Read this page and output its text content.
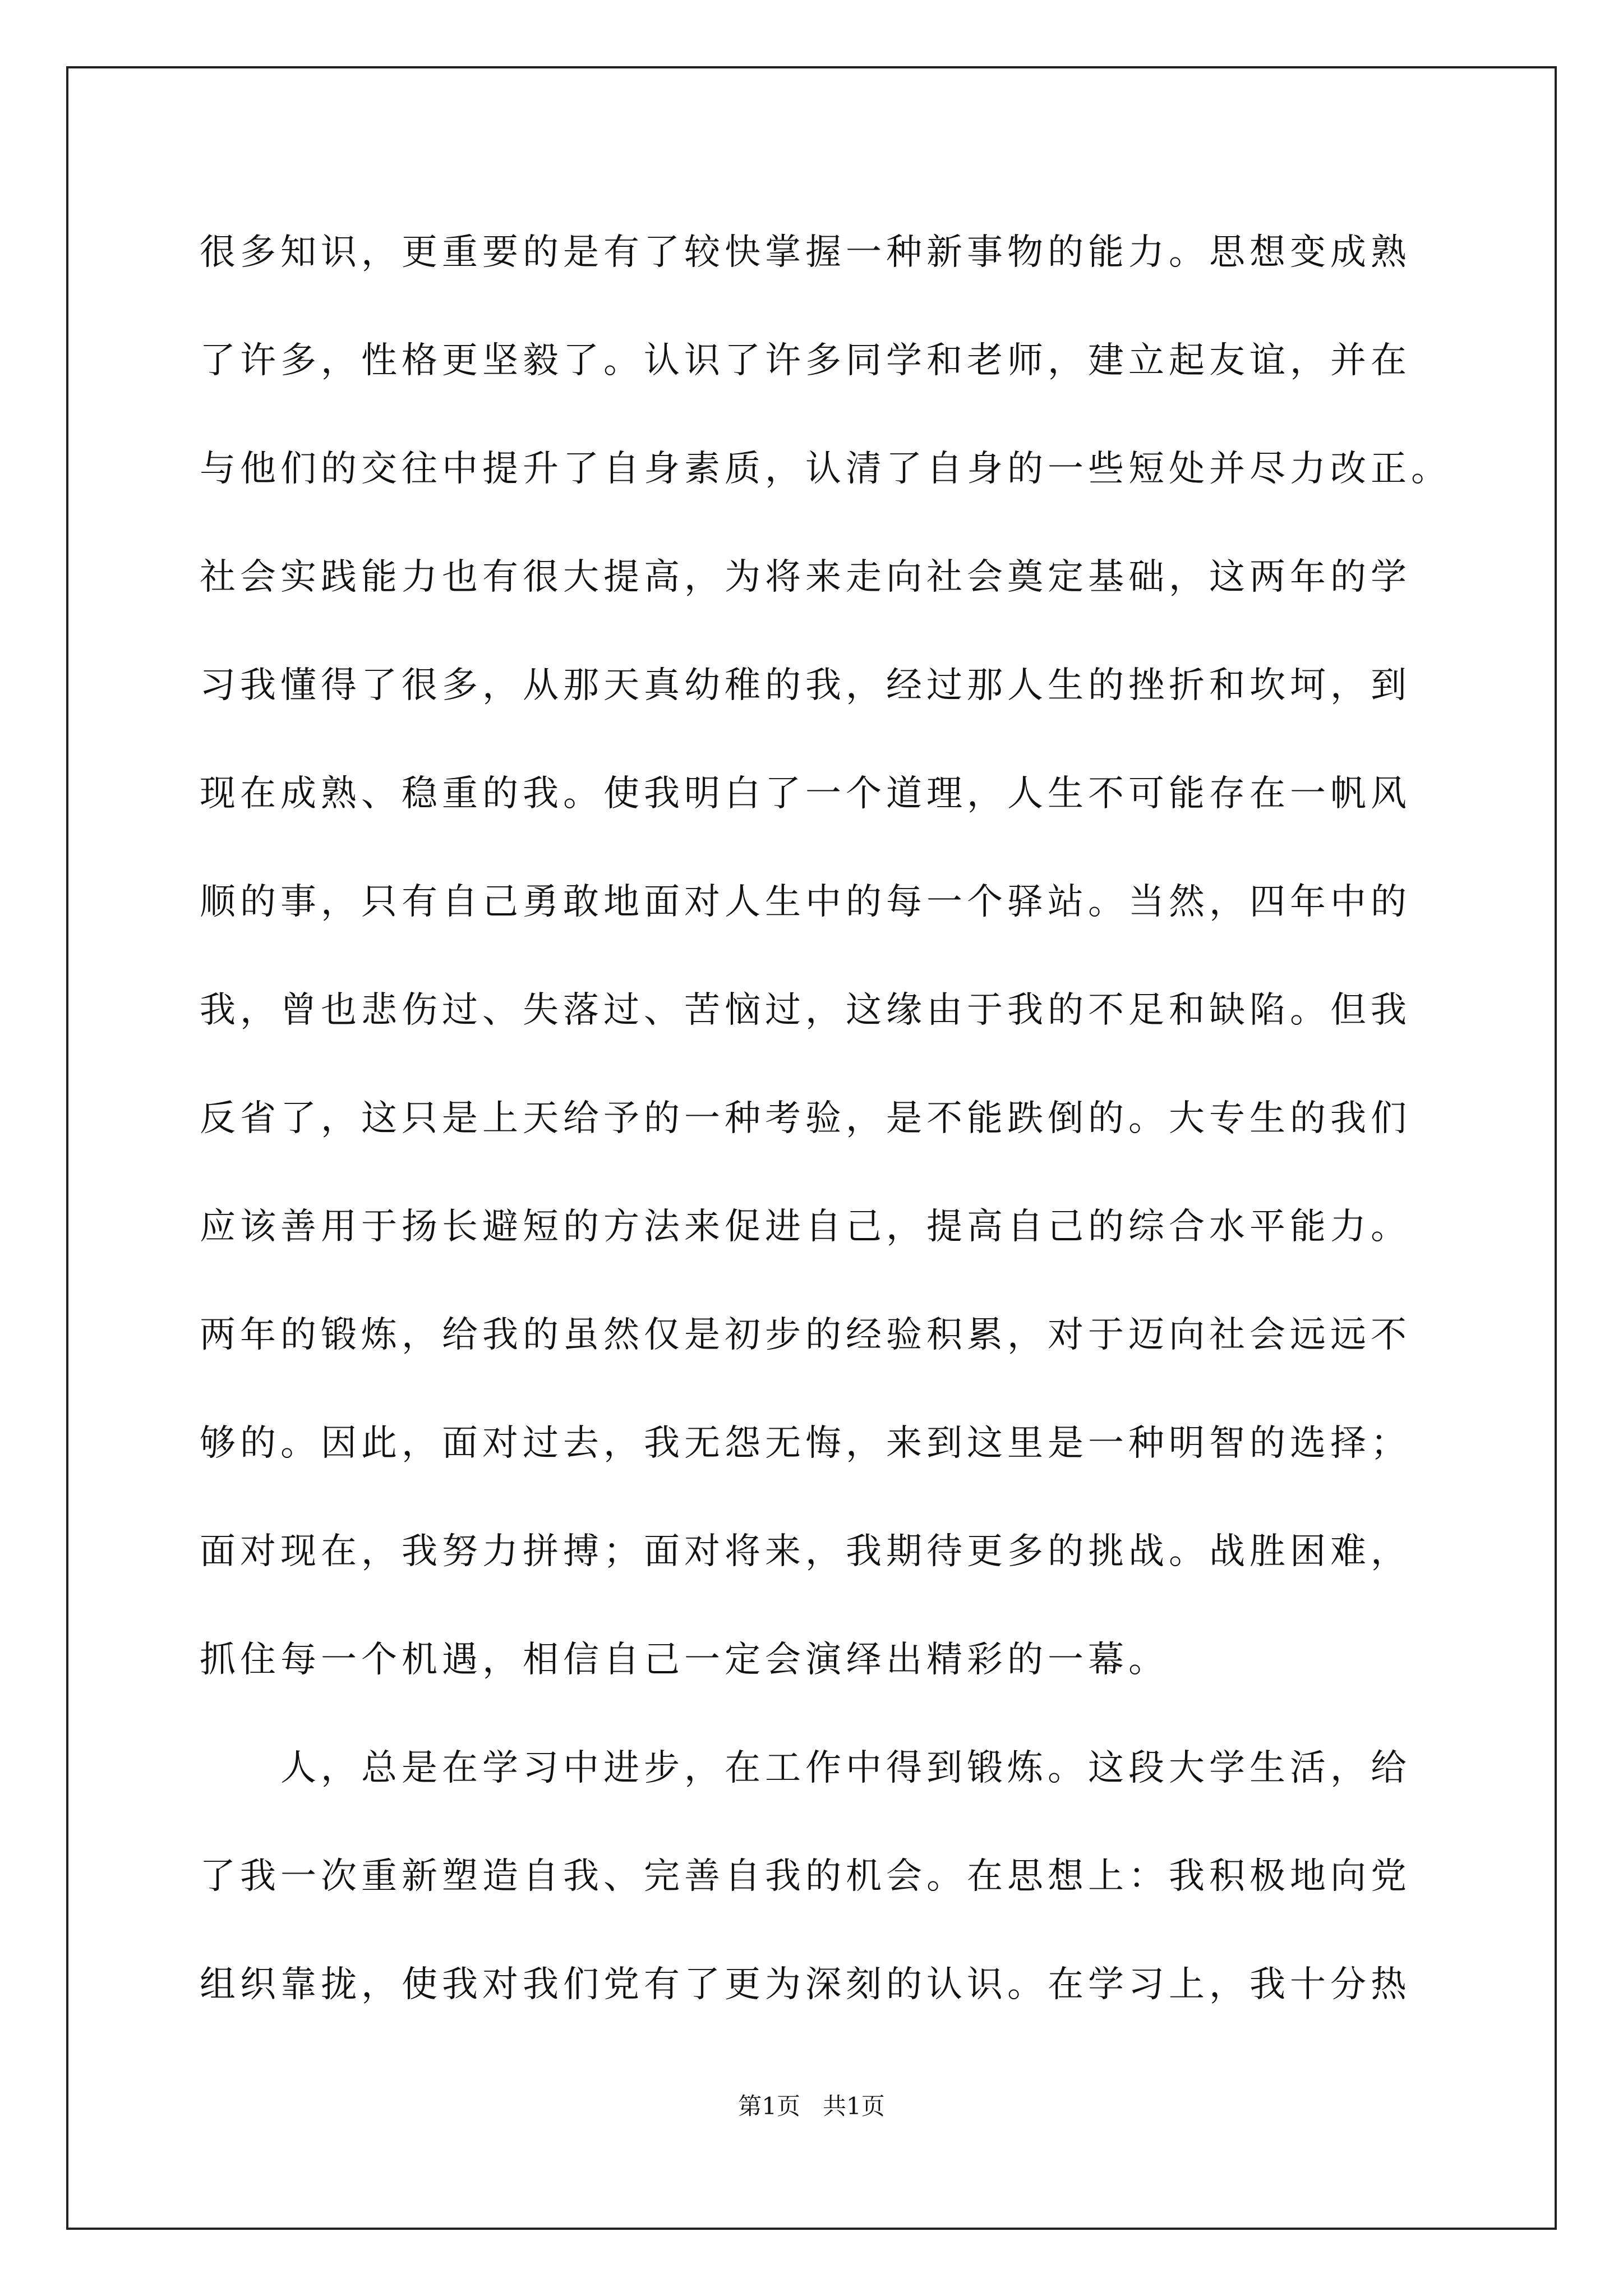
很多知识，更重要的是有了较快掌握一种新事物的能力。思想变成熟

了许多，性格更坚毅了。认识了许多同学和老师，建立起友谊，并在

与他们的交往中提升了自身素质，认清了自身的一些短处并尽力改正。

社会实践能力也有很大提高，为将来走向社会奠定基础，这两年的学

习我懂得了很多，从那天真幼稚的我，经过那人生的挫折和坎坷，到

现在成熟、稳重的我。使我明白了一个道理，人生不可能存在一帆风

顺的事，只有自己勇敢地面对人生中的每一个驿站。当然，四年中的

我，曾也悲伤过、失落过、苦恼过，这缘由于我的不足和缺陷。但我

反省了，这只是上天给予的一种考验，是不能跌倒的。大专生的我们

应该善用于扬长避短的方法来促进自己，提高自己的综合水平能力。

两年的锻炼，给我的虽然仅是初步的经验积累，对于迈向社会远远不

够的。因此，面对过去，我无怨无悔，来到这里是一种明智的选择；

面对现在，我努力拼搏；面对将来，我期待更多的挑战。战胜困难，

抓住每一个机遇，相信自己一定会演绎出精彩的一幕。

　　人，总是在学习中进步，在工作中得到锻炼。这段大学生活，给

了我一次重新塑造自我、完善自我的机会。在思想上：我积极地向党

组织靠拢，使我对我们党有了更为深刻的认识。在学习上，我十分热

第1页 共1页
